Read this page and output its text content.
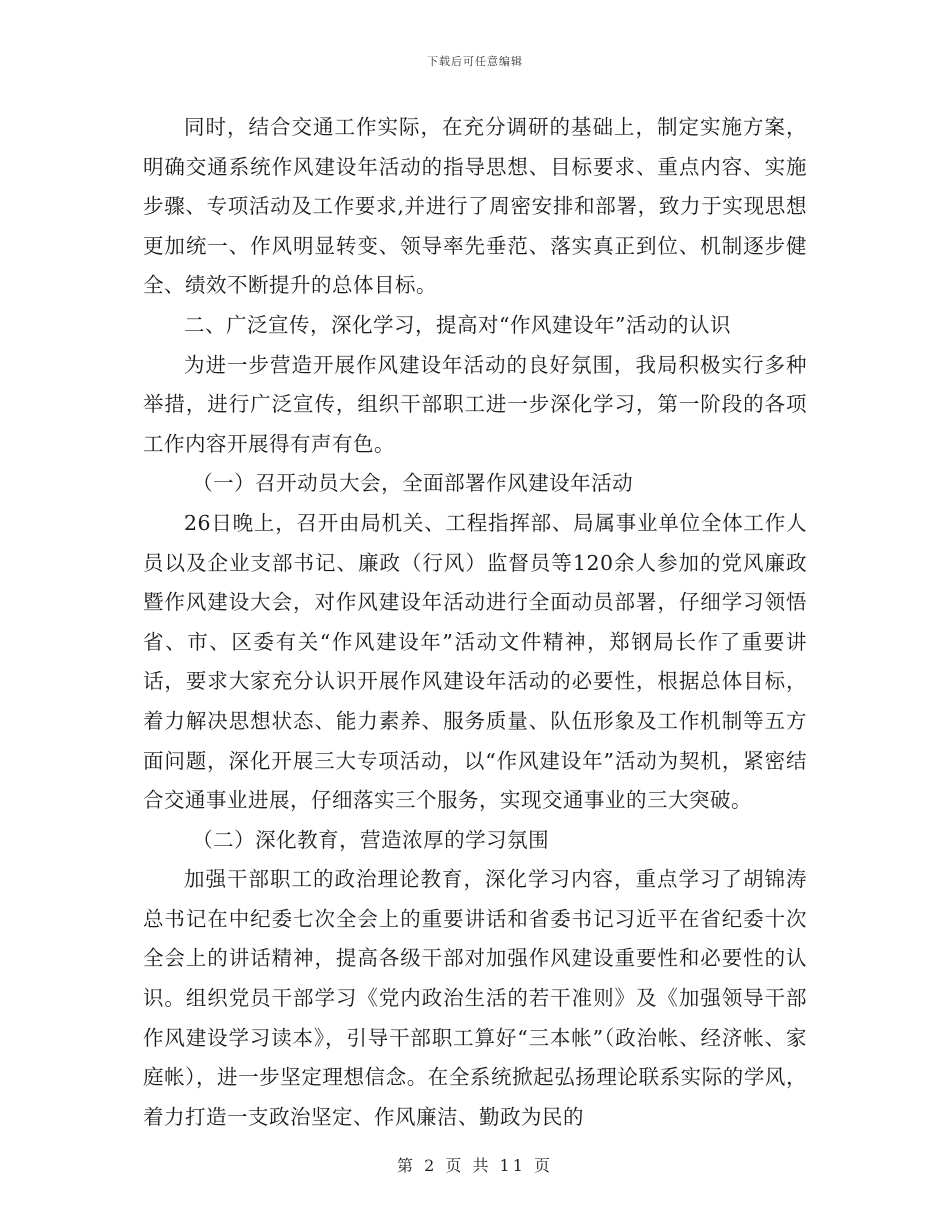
下载后可任意编辑

同时，结合交通工作实际，在充分调研的基础上，制定实施方案，明确交通系统作风建设年活动的指导思想、目标要求、重点内容、实施步骤、专项活动及工作要求,并进行了周密安排和部署，致力于实现思想更加统一、作风明显转变、领导率先垂范、落实真正到位、机制逐步健全、绩效不断提升的总体目标。

二、广泛宣传，深化学习，提高对“作风建设年”活动的认识

为进一步营造开展作风建设年活动的良好氛围，我局积极实行多种举措，进行广泛宣传，组织干部职工进一步深化学习，第一阶段的各项工作内容开展得有声有色。

（一）召开动员大会，全面部署作风建设年活动

26日晚上，召开由局机关、工程指挥部、局属事业单位全体工作人员以及企业支部书记、廉政（行风）监督员等120余人参加的党风廉政暨作风建设大会，对作风建设年活动进行全面动员部署，仔细学习领悟省、市、区委有关“作风建设年”活动文件精神，郑钢局长作了重要讲话，要求大家充分认识开展作风建设年活动的必要性，根据总体目标，着力解决思想状态、能力素养、服务质量、队伍形象及工作机制等五方面问题，深化开展三大专项活动，以“作风建设年”活动为契机，紧密结合交通事业进展，仔细落实三个服务，实现交通事业的三大突破。

（二）深化教育，营造浓厚的学习氛围

加强干部职工的政治理论教育，深化学习内容，重点学习了胡锦涛总书记在中纪委七次全会上的重要讲话和省委书记习近平在省纪委十次全会上的讲话精神，提高各级干部对加强作风建设重要性和必要性的认识。组织党员干部学习《党内政治生活的若干准则》及《加强领导干部作风建设学习读本》，引导干部职工算好“三本帐”（政治帐、经济帐、家庭帐），进一步坚定理想信念。在全系统掀起弘扬理论联系实际的学风，着力打造一支政治坚定、作风廉洁、勤政为民的

第 2 页 共 11 页
